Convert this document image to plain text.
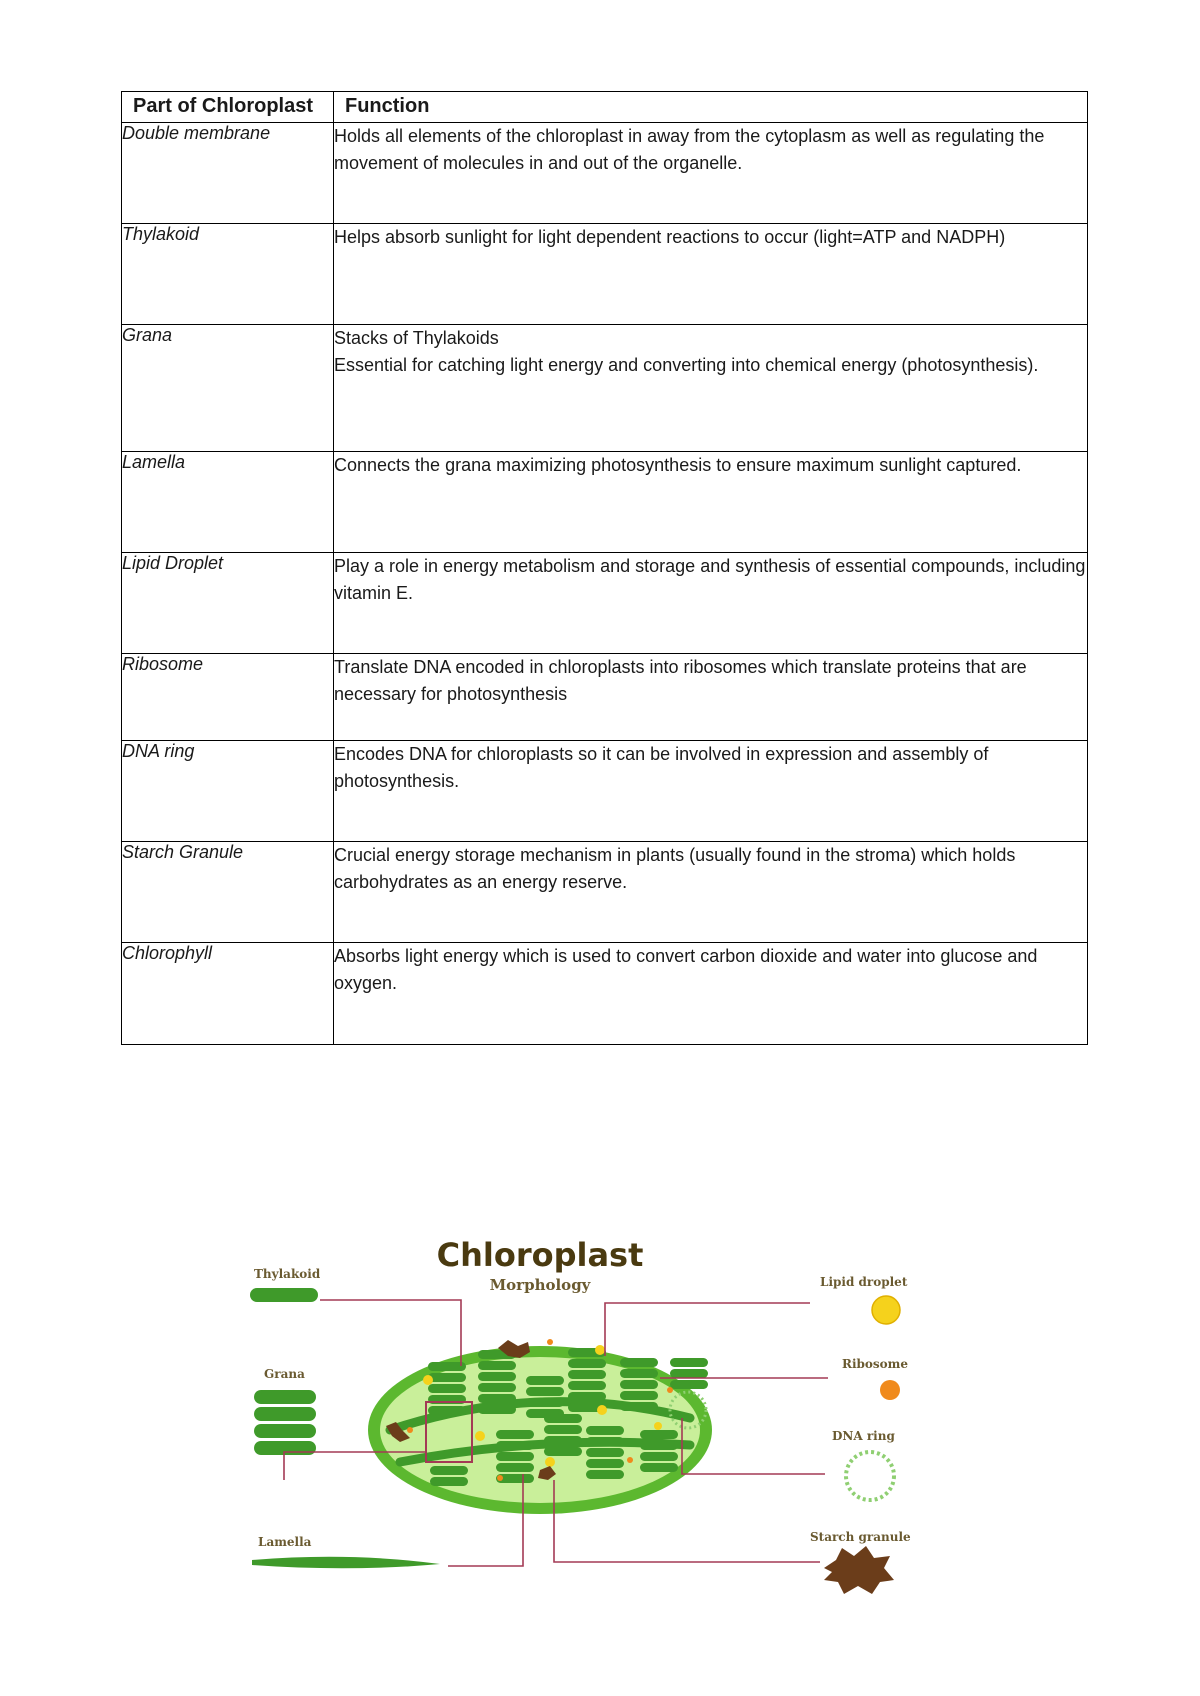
Part of Chloroplast	Function
Double membrane	Holds all elements of the chloroplast in away from the cytoplasm as well as regulating the movement of molecules in and out of the organelle.

Thylakoid	Helps absorb sunlight for light dependent reactions to occur (light=ATP and NADPH)

Grana	Stacks of Thylakoids
Essential for catching light energy and converting into chemical energy (photosynthesis).

Lamella	Connects the grana maximizing photosynthesis to ensure maximum sunlight captured.

Lipid Droplet	Play a role in energy metabolism and storage and synthesis of essential compounds, including vitamin E.

Ribosome	Translate DNA encoded in chloroplasts into ribosomes which translate proteins that are necessary for photosynthesis

DNA ring	Encodes DNA for chloroplasts so it can be involved in expression and assembly of photosynthesis.

Starch Granule	Crucial energy storage mechanism in plants (usually found in the stroma) which holds carbohydrates as an energy reserve.

Chlorophyll	Absorbs light energy which is used to convert carbon dioxide and water into glucose and oxygen.
Chloroplast
Morphology
Thylakoid
Grana
Lamella
Lipid droplet
Ribosome
DNA ring
Starch granule
